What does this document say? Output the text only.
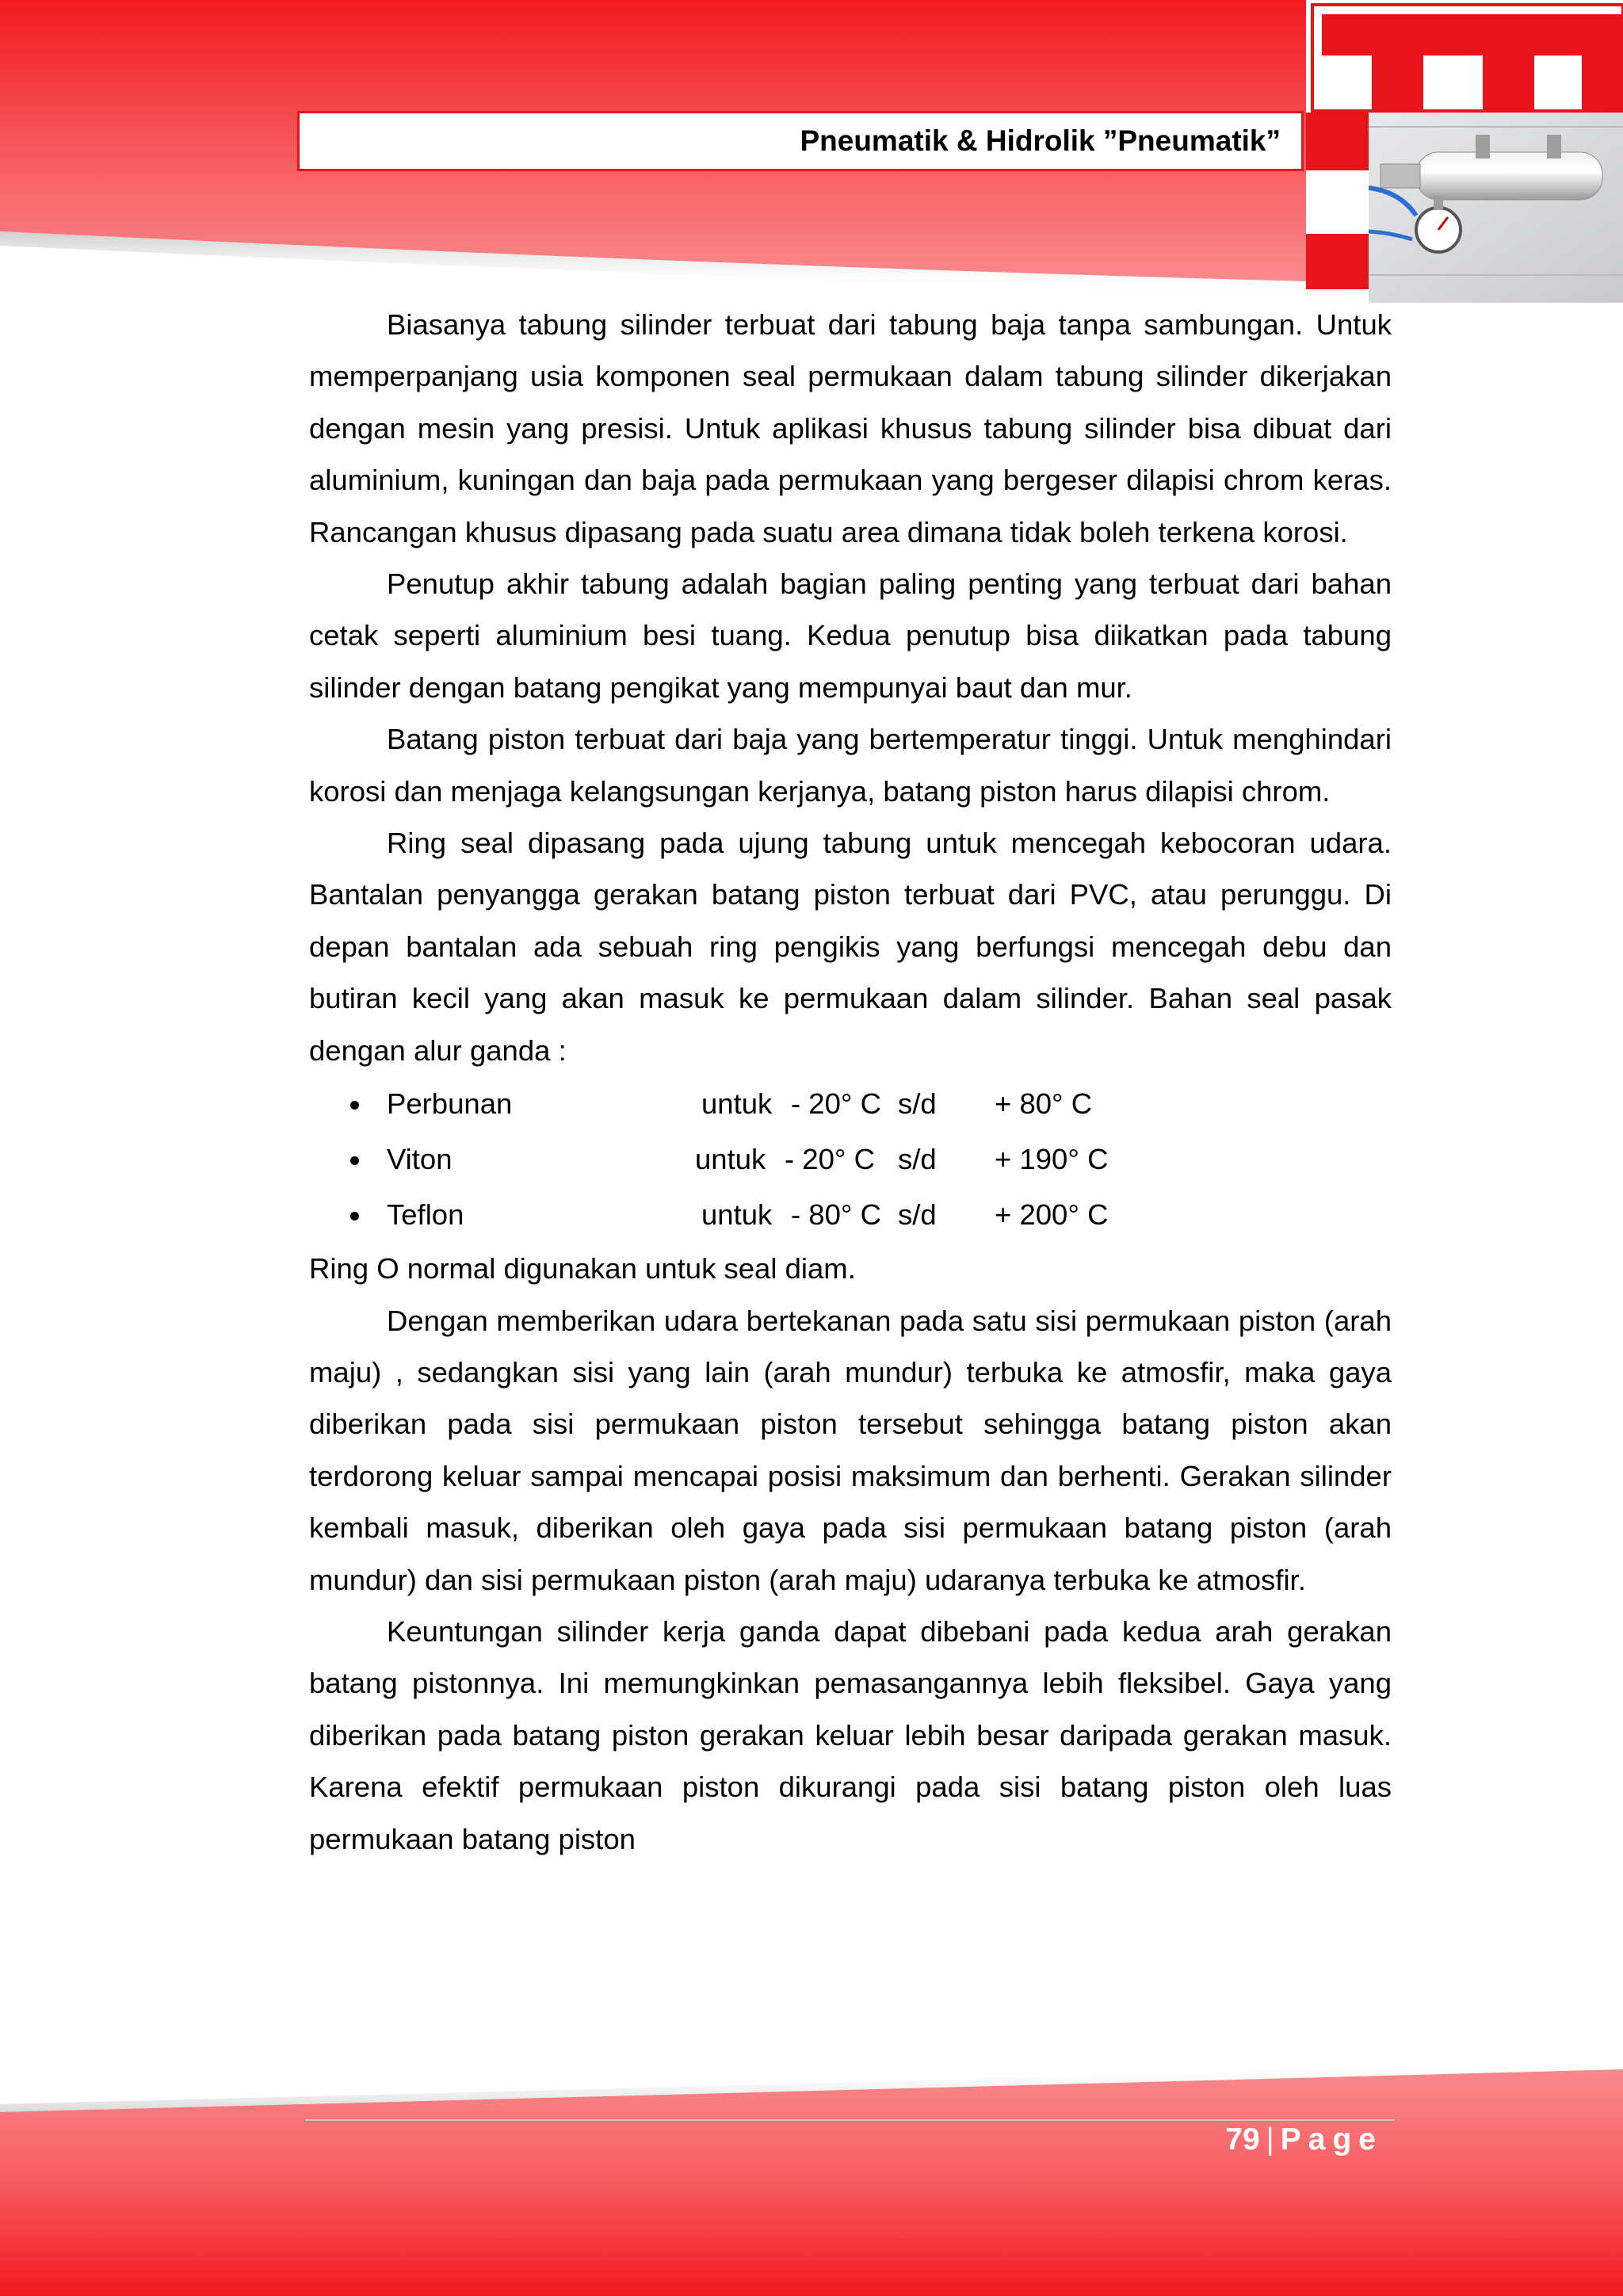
Pneumatik & Hidrolik ”Pneumatik”

Biasanya tabung silinder terbuat dari tabung baja tanpa sambungan. Untuk memperpanjang usia komponen seal permukaan dalam tabung silinder dikerjakan dengan mesin yang presisi. Untuk aplikasi khusus tabung silinder bisa dibuat dari aluminium, kuningan dan baja pada permukaan yang bergeser dilapisi chrom keras. Rancangan khusus dipasang pada suatu area dimana tidak boleh terkena korosi.

Penutup akhir tabung adalah bagian paling penting yang terbuat dari bahan cetak seperti aluminium besi tuang. Kedua penutup bisa diikatkan pada tabung silinder dengan batang pengikat yang mempunyai baut dan mur.

Batang piston terbuat dari baja yang bertemperatur tinggi. Untuk menghindari korosi dan menjaga kelangsungan kerjanya, batang piston harus dilapisi chrom.

Ring seal dipasang pada ujung tabung untuk mencegah kebocoran udara. Bantalan penyangga gerakan batang piston terbuat dari PVC, atau perunggu. Di depan bantalan ada sebuah ring pengikis yang berfungsi mencegah debu dan butiran kecil yang akan masuk ke permukaan dalam silinder. Bahan seal pasak dengan alur ganda :

Perbunan	untuk - 20° C s/d + 80° C
Viton	untuk - 20° C s/d + 190° C
Teflon	untuk - 80° C s/d + 200° C

Ring O normal digunakan untuk seal diam.

Dengan memberikan udara bertekanan pada satu sisi permukaan piston (arah maju) , sedangkan sisi yang lain (arah mundur) terbuka ke atmosfir, maka gaya diberikan pada sisi permukaan piston tersebut sehingga batang piston akan terdorong keluar sampai mencapai posisi maksimum dan berhenti. Gerakan silinder kembali masuk, diberikan oleh gaya pada sisi permukaan batang piston (arah mundur) dan sisi permukaan piston (arah maju) udaranya terbuka ke atmosfir.

Keuntungan silinder kerja ganda dapat dibebani pada kedua arah gerakan batang pistonnya. Ini memungkinkan pemasangannya lebih fleksibel. Gaya yang diberikan pada batang piston gerakan keluar lebih besar daripada gerakan masuk. Karena efektif permukaan piston dikurangi pada sisi batang piston oleh luas permukaan batang piston

79 | Page
